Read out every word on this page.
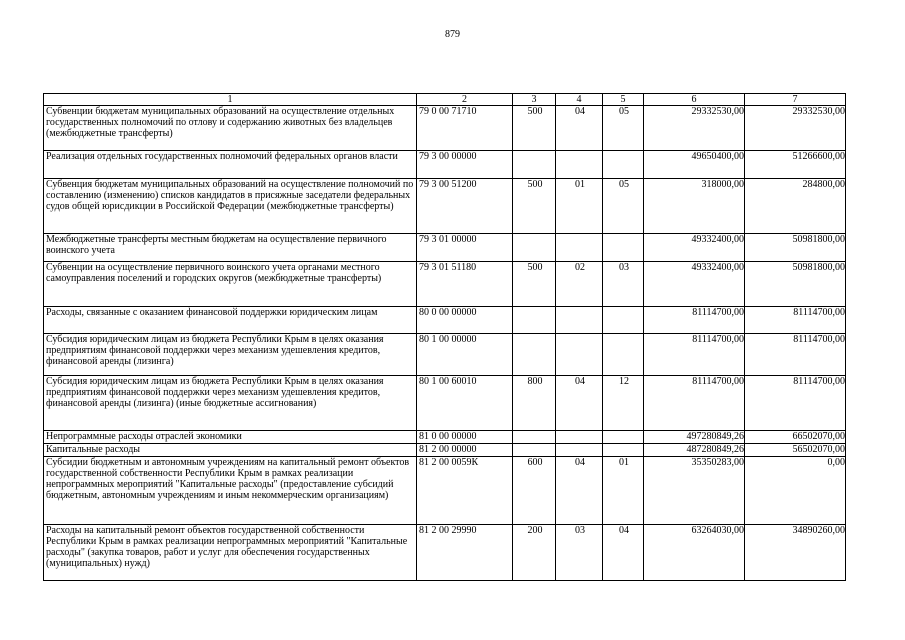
879
1	2	3	4	5	6	7
Субвенции бюджетам муниципальных образований на осуществление отдельных государственных полномочий по отлову и содержанию животных без владельцев (межбюджетные трансферты)	79 0 00 71710	500	04	05	29332530,00	29332530,00
Реализация отдельных государственных полномочий федеральных органов власти	79 3 00 00000				49650400,00	51266600,00
Субвенция бюджетам муниципальных образований на осуществление полномочий по составлению (изменению) списков кандидатов в присяжные заседатели федеральных судов общей юрисдикции в Российской Федерации (межбюджетные трансферты)	79 3 00 51200	500	01	05	318000,00	284800,00
Межбюджетные трансферты местным бюджетам на осуществление первичного воинского учета	79 3 01 00000				49332400,00	50981800,00
Субвенции на осуществление первичного воинского учета органами местного самоуправления поселений и городских округов (межбюджетные трансферты)	79 3 01 51180	500	02	03	49332400,00	50981800,00
Расходы, связанные с оказанием финансовой поддержки юридическим лицам	80 0 00 00000				81114700,00	81114700,00
Субсидия юридическим лицам из бюджета Республики Крым в целях оказания предприятиям финансовой поддержки через механизм удешевления кредитов, финансовой аренды (лизинга)	80 1 00 00000				81114700,00	81114700,00
Субсидия юридическим лицам из бюджета Республики Крым в целях оказания предприятиям финансовой поддержки через механизм удешевления кредитов, финансовой аренды (лизинга) (иные бюджетные ассигнования)	80 1 00 60010	800	04	12	81114700,00	81114700,00
Непрограммные расходы отраслей экономики	81 0 00 00000				497280849,26	66502070,00
Капитальные расходы	81 2 00 00000				487280849,26	56502070,00
Субсидии бюджетным и автономным учреждениям на капитальный ремонт объектов государственной собственности Республики Крым в рамках реализации непрограммных мероприятий "Капитальные расходы" (предоставление субсидий бюджетным, автономным учреждениям и иным некоммерческим организациям)	81 2 00 0059К	600	04	01	35350283,00	0,00
Расходы на капитальный ремонт объектов государственной собственности Республики Крым в рамках реализации непрограммных мероприятий "Капитальные расходы" (закупка товаров, работ и услуг для обеспечения государственных (муниципальных) нужд)	81 2 00 29990	200	03	04	63264030,00	34890260,00
